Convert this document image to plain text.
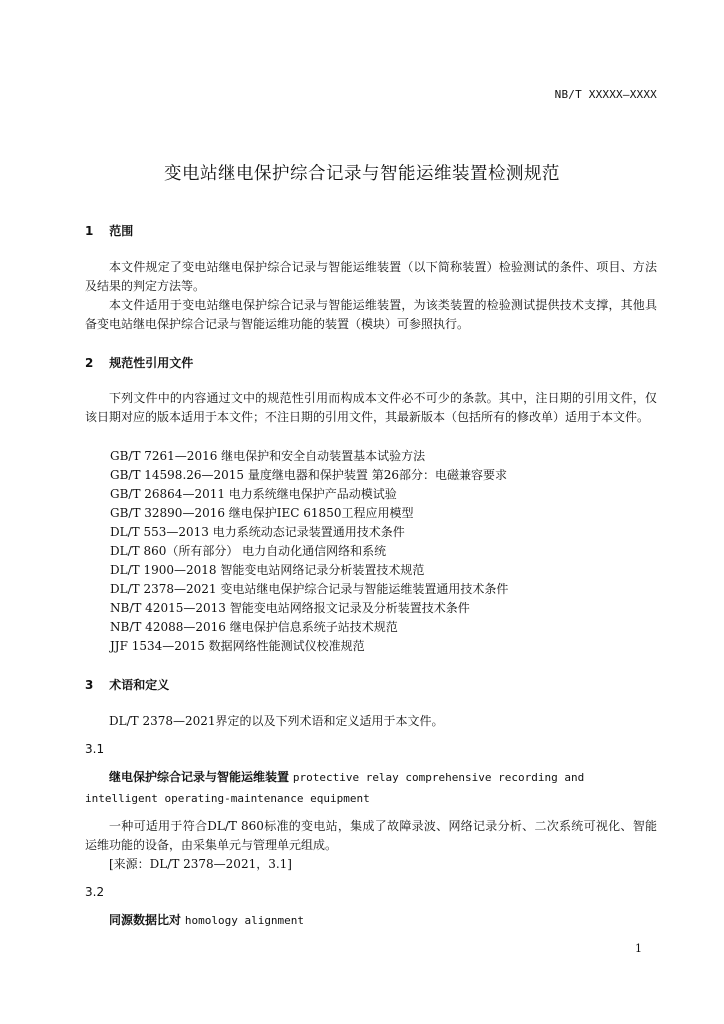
NB/T XXXXX—XXXX
变电站继电保护综合记录与智能运维装置检测规范
1 范围
本文件规定了变电站继电保护综合记录与智能运维装置（以下简称装置）检验测试的条件、项目、方法及结果的判定方法等。
本文件适用于变电站继电保护综合记录与智能运维装置，为该类装置的检验测试提供技术支撑，其他具备变电站继电保护综合记录与智能运维功能的装置（模块）可参照执行。
2 规范性引用文件
下列文件中的内容通过文中的规范性引用而构成本文件必不可少的条款。其中，注日期的引用文件，仅该日期对应的版本适用于本文件；不注日期的引用文件，其最新版本（包括所有的修改单）适用于本文件。
GB/T 7261—2016 继电保护和安全自动装置基本试验方法
GB/T 14598.26—2015 量度继电器和保护装置 第26部分：电磁兼容要求
GB/T 26864—2011 电力系统继电保护产品动模试验
GB/T 32890—2016 继电保护IEC 61850工程应用模型
DL/T 553—2013 电力系统动态记录装置通用技术条件
DL/T 860（所有部分） 电力自动化通信网络和系统
DL/T 1900—2018 智能变电站网络记录分析装置技术规范
DL/T 2378—2021 变电站继电保护综合记录与智能运维装置通用技术条件
NB/T 42015—2013 智能变电站网络报文记录及分析装置技术条件
NB/T 42088—2016 继电保护信息系统子站技术规范
JJF 1534—2015 数据网络性能测试仪校准规范
3 术语和定义
DL/T 2378—2021界定的以及下列术语和定义适用于本文件。
3.1
继电保护综合记录与智能运维装置 protective relay comprehensive recording and intelligent operating-maintenance equipment
一种可适用于符合DL/T 860标准的变电站，集成了故障录波、网络记录分析、二次系统可视化、智能运维功能的设备，由采集单元与管理单元组成。
[来源：DL/T 2378—2021，3.1]
3.2
同源数据比对 homology alignment
1
